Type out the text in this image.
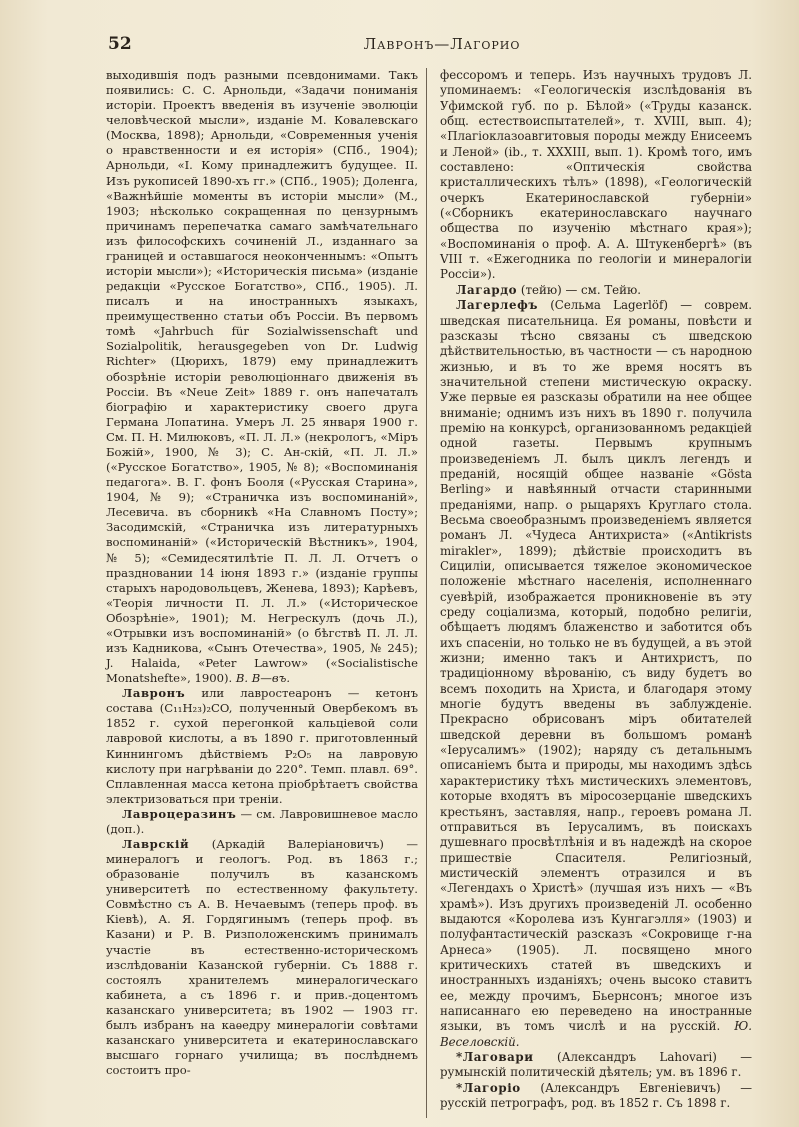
52	Лавронъ—Лагорио

выходившія подъ разными псевдонимами. Такъ появились: С. С. Арнольди, «Задачи пониманія исторіи. Проектъ введенія въ изученіе эволюціи человѣческой мысли», изданіе М. Ковалевскаго (Москва, 1898); Арнольди, «Современныя ученія о нравственности и ея исторія» (СПб., 1904); Арнольди, «I. Кому принадлежитъ будущее. II. Изъ рукописей 1890-хъ гг.» (СПб., 1905); Доленга, «Важнѣйшіе моменты въ исторіи мысли» (М., 1903; нѣсколько сокращенная по цензурнымъ причинамъ перепечатка самаго замѣчательнаго изъ философскихъ сочиненій Л., изданнаго за границей и оставшагося неоконченнымъ: «Опытъ исторіи мысли»); «Историческія письма» (изданіе редакціи «Русское Богатство», СПб., 1905). Л. писалъ и на иностранныхъ языкахъ, преимущественно статьи объ Россіи. Въ первомъ томѣ «Jahrbuch für Sozialwissenschaft und Sozialpolitik, herausgegeben von Dr. Ludwig Richter» (Цюрихъ, 1879) ему принадлежитъ обозрѣніе исторіи революціоннаго движенія въ Россіи. Въ «Neue Zeit» 1889 г. онъ напечаталъ біографію и характеристику своего друга Германа Лопатина. Умеръ Л. 25 января 1900 г. См. П. Н. Милюковъ, «П. Л. Л.» (некрологъ, «Міръ Божій», 1900, № 3); С. Ан-скій, «П. Л. Л.» («Русское Богатство», 1905, № 8); «Воспоминанія педагога». В. Г. фонъ Бооля («Русская Старина», 1904, № 9); «Страничка изъ воспоминаній», Лесевича. въ сборникѣ «На Славномъ Посту»; Засодимскій, «Страничка изъ литературныхъ воспоминаній» («Историческій Вѣстникъ», 1904, № 5); «Семидесятилѣтіе П. Л. Л. Отчетъ о праздновании 14 іюня 1893 г.» (изданіе группы старыхъ народовольцевъ, Женева, 1893); Карѣевъ, «Теорія личности П. Л. Л.» («Историческое Обозрѣніе», 1901); М. Негрескулъ (дочь Л.), «Отрывки изъ воспоминаній» (о бѣгствѣ П. Л. Л. изъ Кадникова, «Сынъ Отечества», 1905, № 245); J. Halaida, «Peter Lawrow» («Socialistische Monatshefte», 1900). В. В—въ.

Лавронъ или лавростеаронъ — кетонъ состава (C₁₁H₂₃)₂CO, полученный Овербекомъ въ 1852 г. сухой перегонкой кальціевой соли лавровой кислоты, а въ 1890 г. приготовленный Киннингомъ дѣйствіемъ P₂O₅ на лавровую кислоту при нагрѣваніи до 220°. Темп. плавл. 69°. Сплавленная масса кетона пріобрѣтаетъ свойства электризоваться при треніи.

Лавроцеразинъ — см. Лавровишневое масло (доп.).

Лаврскій (Аркадій Валеріановичъ) — минералогъ и геологъ. Род. въ 1863 г.; образованіе получилъ въ казанскомъ университетѣ по естественному факультету. Совмѣстно съ А. В. Нечаевымъ (теперь проф. въ Кіевѣ), А. Я. Гордягинымъ (теперь проф. въ Казани) и Р. В. Ризположенскимъ принималъ участіе въ естественно-историческомъ изслѣдованіи Казанской губерніи. Съ 1888 г. состоялъ хранителемъ минералогическаго кабинета, а съ 1896 г. и прив.-доцентомъ казанскаго университета; въ 1902 — 1903 гг. былъ избранъ на каѳедру минералогіи совѣтами казанскаго университета и екатеринославскаго высшаго горнаго училища; въ послѣднемъ состоитъ про-

фессоромъ и теперь. Изъ научныхъ трудовъ Л. упоминаемъ: «Геологическія изслѣдованія въ Уфимской губ. по р. Бѣлой» («Труды казанск. общ. естествоиспытателей», т. XVIII, вып. 4); «Плагіоклазоавгитовыя породы между Енисеемъ и Леной» (ib., т. XXXIII, вып. 1). Кромѣ того, имъ составлено: «Оптическія свойства кристаллическихъ тѣлъ» (1898), «Геологическій очеркъ Екатеринославской губерніи» («Сборникъ екатеринославскаго научнаго общества по изученію мѣстнаго края»); «Воспоминанія о проф. А. А. Штукенбергѣ» (въ VIII т. «Ежегодника по геологіи и минералогіи Россіи»).

Лагардо (тейю) — см. Тейю.

Лагерлефъ (Сельма Lagerlöf) — соврем. шведская писательница. Ея романы, повѣсти и разсказы тѣсно связаны съ шведскою дѣйствительностью, въ частности — съ народною жизнью, и въ то же время носятъ въ значительной степени мистическую окраску. Уже первые ея разсказы обратили на нее общее вниманіе; однимъ изъ нихъ въ 1890 г. получила премію на конкурсѣ, организованномъ редакціей одной газеты. Первымъ крупнымъ произведеніемъ Л. былъ циклъ легендъ и преданій, носящій общее названіе «Gösta Berling» и навѣянный отчасти старинными преданіями, напр. о рыцаряхъ Круглаго стола. Весьма своеобразнымъ произведеніемъ является романъ Л. «Чудеса Антихриста» («Antikrists mirakler», 1899); дѣйствіе происходитъ въ Сициліи, описывается тяжелое экономическое положеніе мѣстнаго населенія, исполненнаго суевѣрій, изображается проникновеніе въ эту среду соціализма, который, подобно религіи, обѣщаетъ людямъ блаженство и заботится объ ихъ спасеніи, но только не въ будущей, а въ этой жизни; именно такъ и Антихристъ, по традиціонному вѣрованію, съ виду будетъ во всемъ походить на Христа, и благодаря этому многіе будутъ введены въ заблужденіе. Прекрасно обрисованъ міръ обитателей шведской деревни въ большомъ романѣ «Іерусалимъ» (1902); наряду съ детальнымъ описаніемъ быта и природы, мы находимъ здѣсь характеристику тѣхъ мистическихъ элементовъ, которые входятъ въ міросозерцаніе шведскихъ крестьянъ, заставляя, напр., героевъ романа Л. отправиться въ Іерусалимъ, въ поискахъ душевнаго просвѣтлѣнія и въ надеждѣ на скорое пришествіе Спасителя. Религіозный, мистическій элементъ отразился и въ «Легендахъ о Христѣ» (лучшая изъ нихъ — «Въ храмѣ»). Изъ другихъ произведеній Л. особенно выдаются «Королева изъ Кунгагэлля» (1903) и полуфантастическій разсказъ «Сокровище г-на Арнеса» (1905). Л. посвящено много критическихъ статей въ шведскихъ и иностранныхъ изданіяхъ; очень высоко ставитъ ее, между прочимъ, Бьернсонъ; многое изъ написаннаго ею переведено на иностранные языки, въ томъ числѣ и на русскій. Ю. Веселовскій.

*Лаговари (Александръ Lahovari) — румынскій политическій дѣятель; ум. въ 1896 г.

*Лагоріо (Александръ Евгеніевичъ) — русскій петрографъ, род. въ 1852 г. Съ 1898 г.
